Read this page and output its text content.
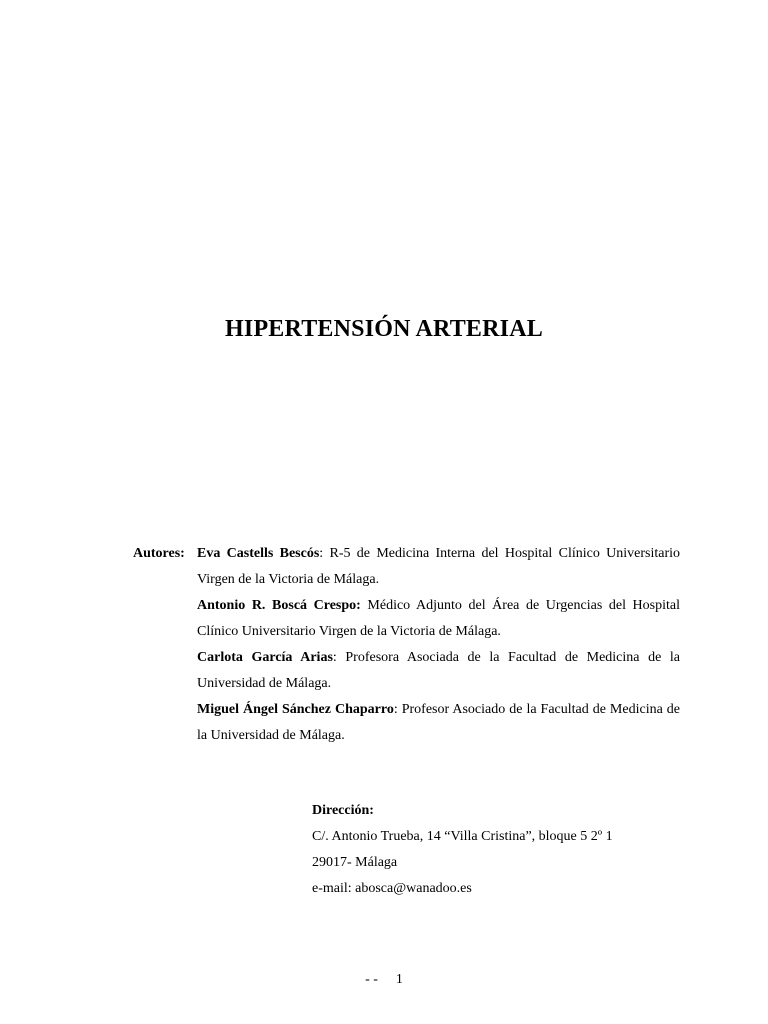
HIPERTENSIÓN ARTERIAL
Autores: Eva Castells Bescós: R-5 de Medicina Interna del Hospital Clínico Universitario Virgen de la Victoria de Málaga.

Antonio R. Boscá Crespo: Médico Adjunto del Área de Urgencias del Hospital Clínico Universitario Virgen de la Victoria de Málaga.

Carlota García Arias: Profesora Asociada de la Facultad de Medicina de la Universidad de Málaga.

Miguel Ángel Sánchez Chaparro: Profesor Asociado de la Facultad de Medicina de la Universidad de Málaga.

Dirección:
C/. Antonio Trueba, 14 “Villa Cristina”, bloque 5 2º 1
29017- Málaga
e-mail: abosca@wanadoo.es
- - 1
